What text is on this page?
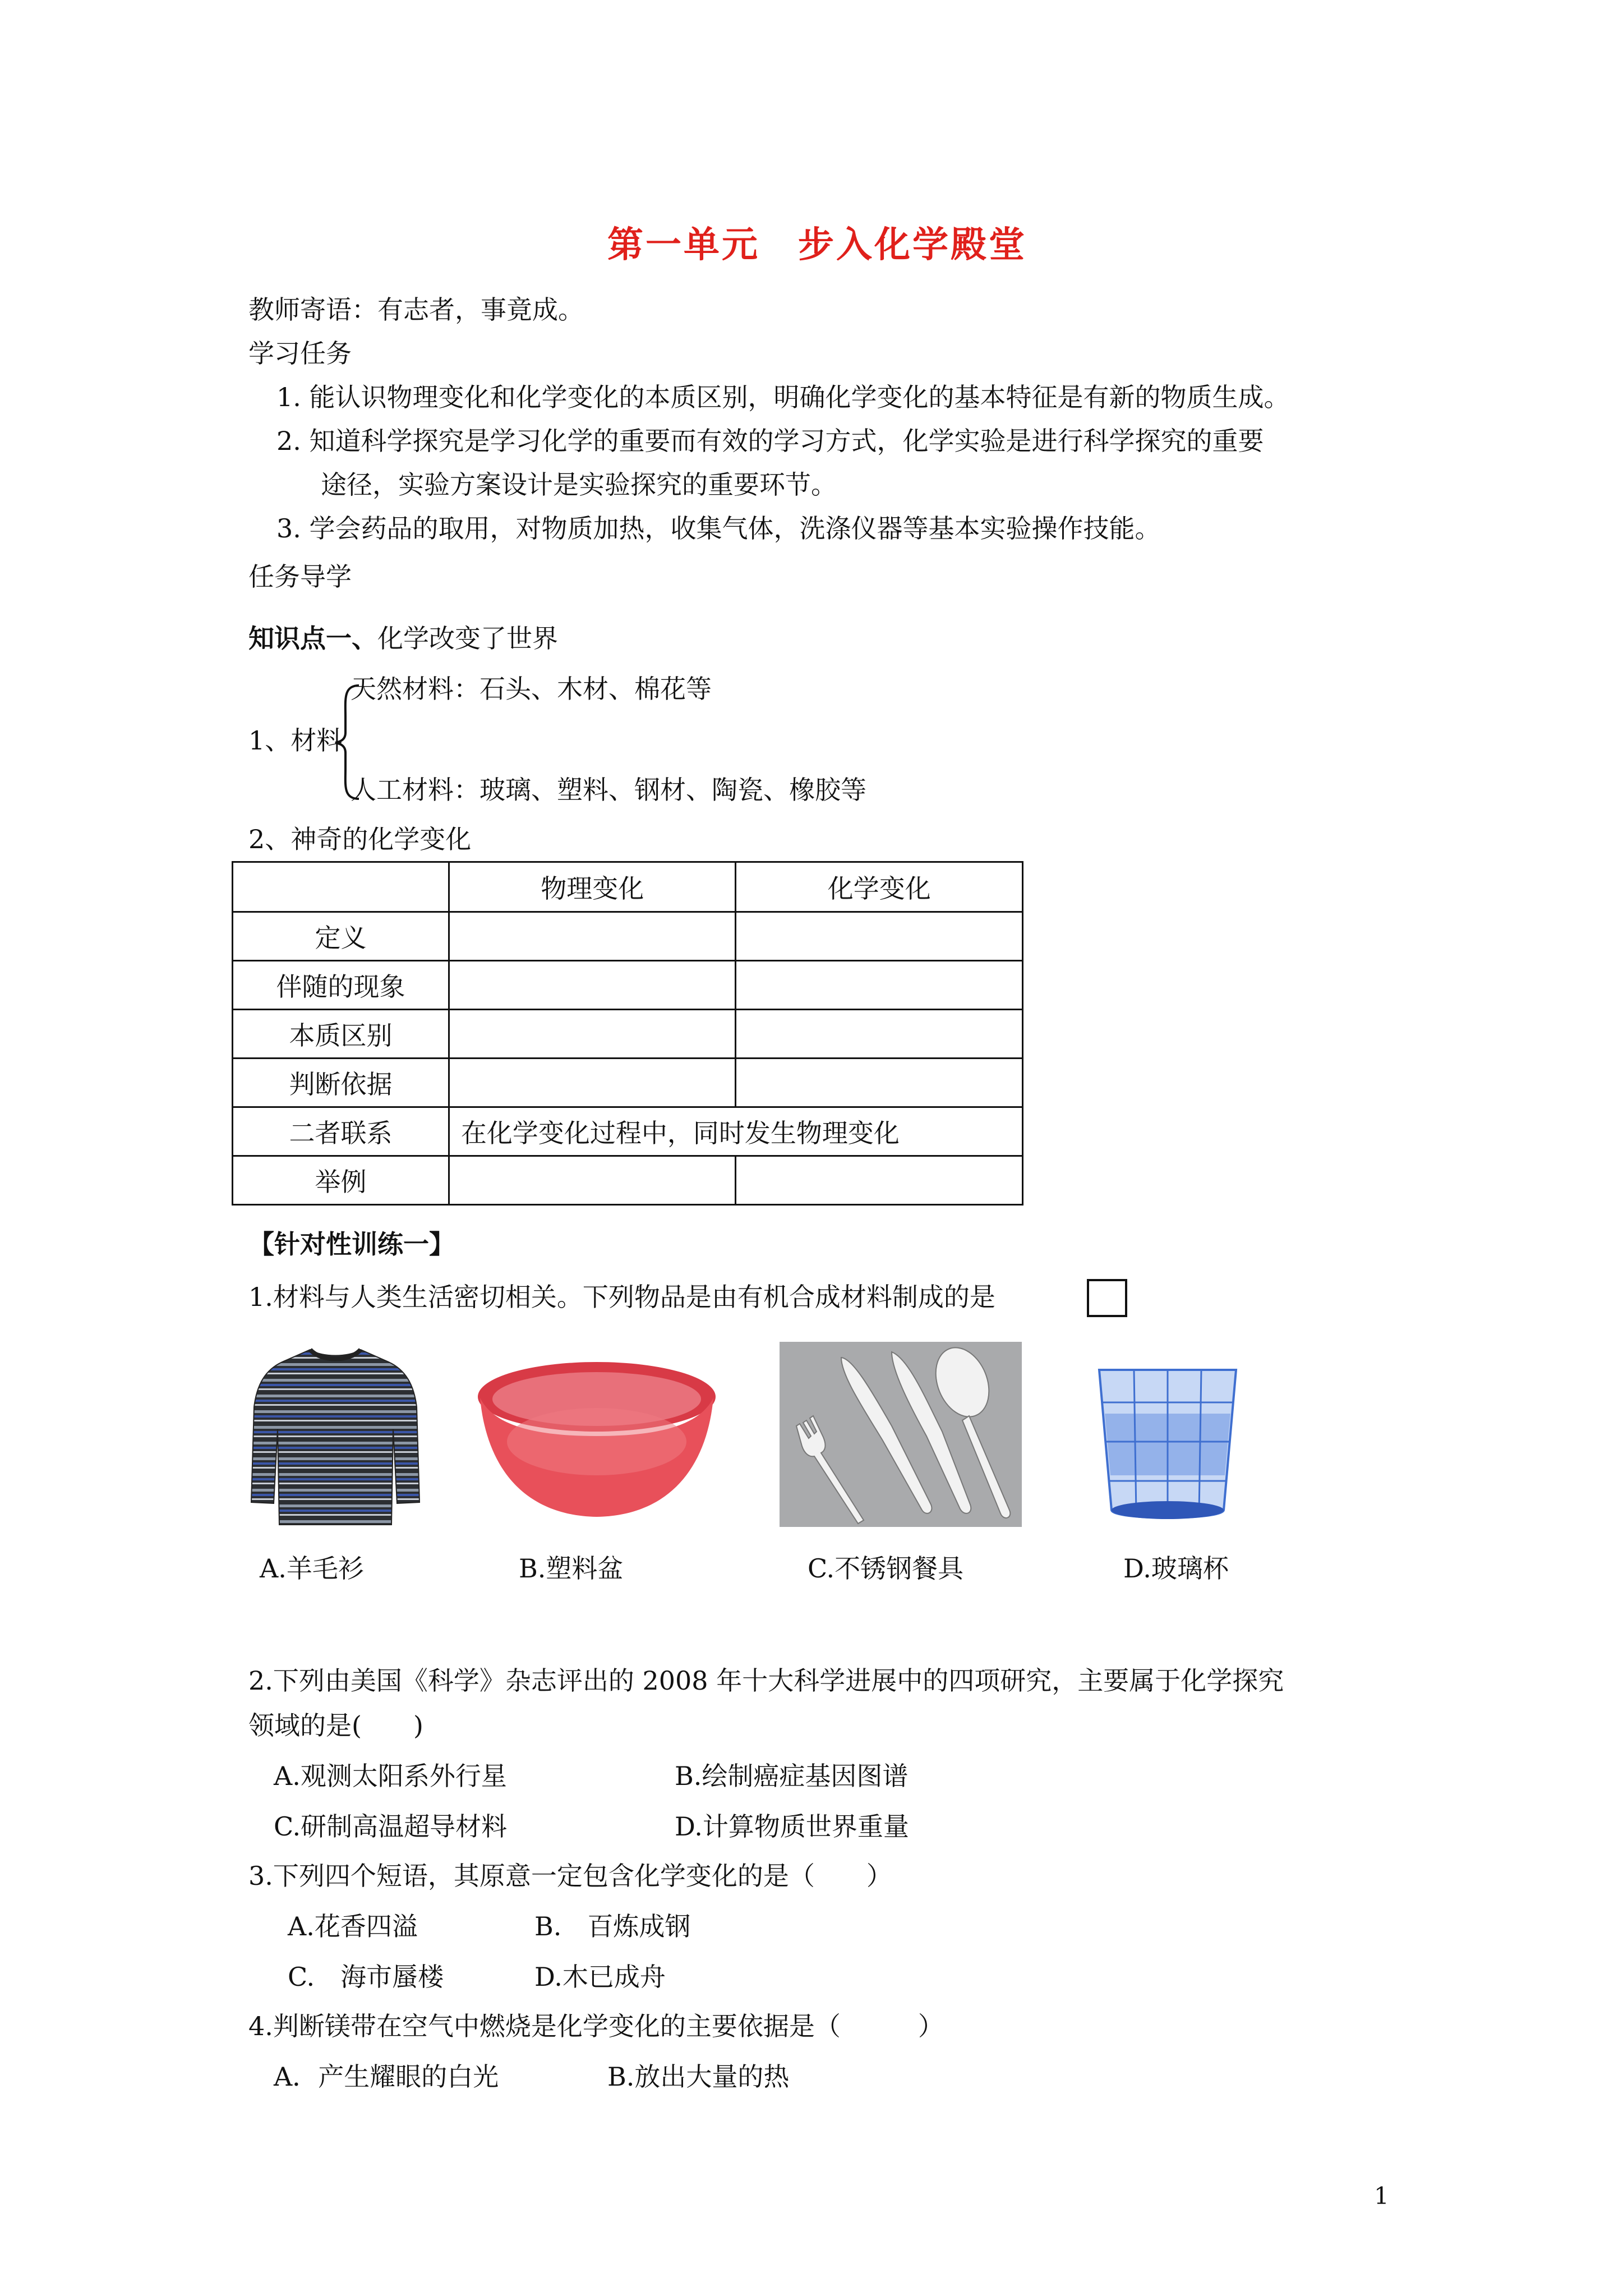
第一单元　步入化学殿堂
教师寄语：有志者，事竟成。
学习任务
1. 能认识物理变化和化学变化的本质区别，明确化学变化的基本特征是有新的物质生成。
2. 知道科学探究是学习化学的重要而有效的学习方式，化学实验是进行科学探究的重要
途径，实验方案设计是实验探究的重要环节。
3. 学会药品的取用，对物质加热，收集气体，洗涤仪器等基本实验操作技能。
任务导学
知识点一、化学改变了世界
天然材料：石头、木材、棉花等
1、材料
人工材料：玻璃、塑料、钢材、陶瓷、橡胶等
2、神奇的化学变化
	物理变化	化学变化
定义		
伴随的现象		
本质区别		
判断依据		
二者联系	在化学变化过程中，同时发生物理变化	
举例		
【针对性训练一】
1.材料与人类生活密切相关。下列物品是由有机合成材料制成的是
A.羊毛衫	B.塑料盆	C.不锈钢餐具	D.玻璃杯
2.下列由美国《科学》杂志评出的 2008 年十大科学进展中的四项研究，主要属于化学探究
领域的是(　　)
A.观测太阳系外行星	B.绘制癌症基因图谱
C.研制高温超导材料	D.计算物质世界重量
3.下列四个短语，其原意一定包含化学变化的是（　　）
A.花香四溢	B.　百炼成钢
C.　海市蜃楼	D.木已成舟
4.判断镁带在空气中燃烧是化学变化的主要依据是（　　　）
A．产生耀眼的白光	B.放出大量的热
1
